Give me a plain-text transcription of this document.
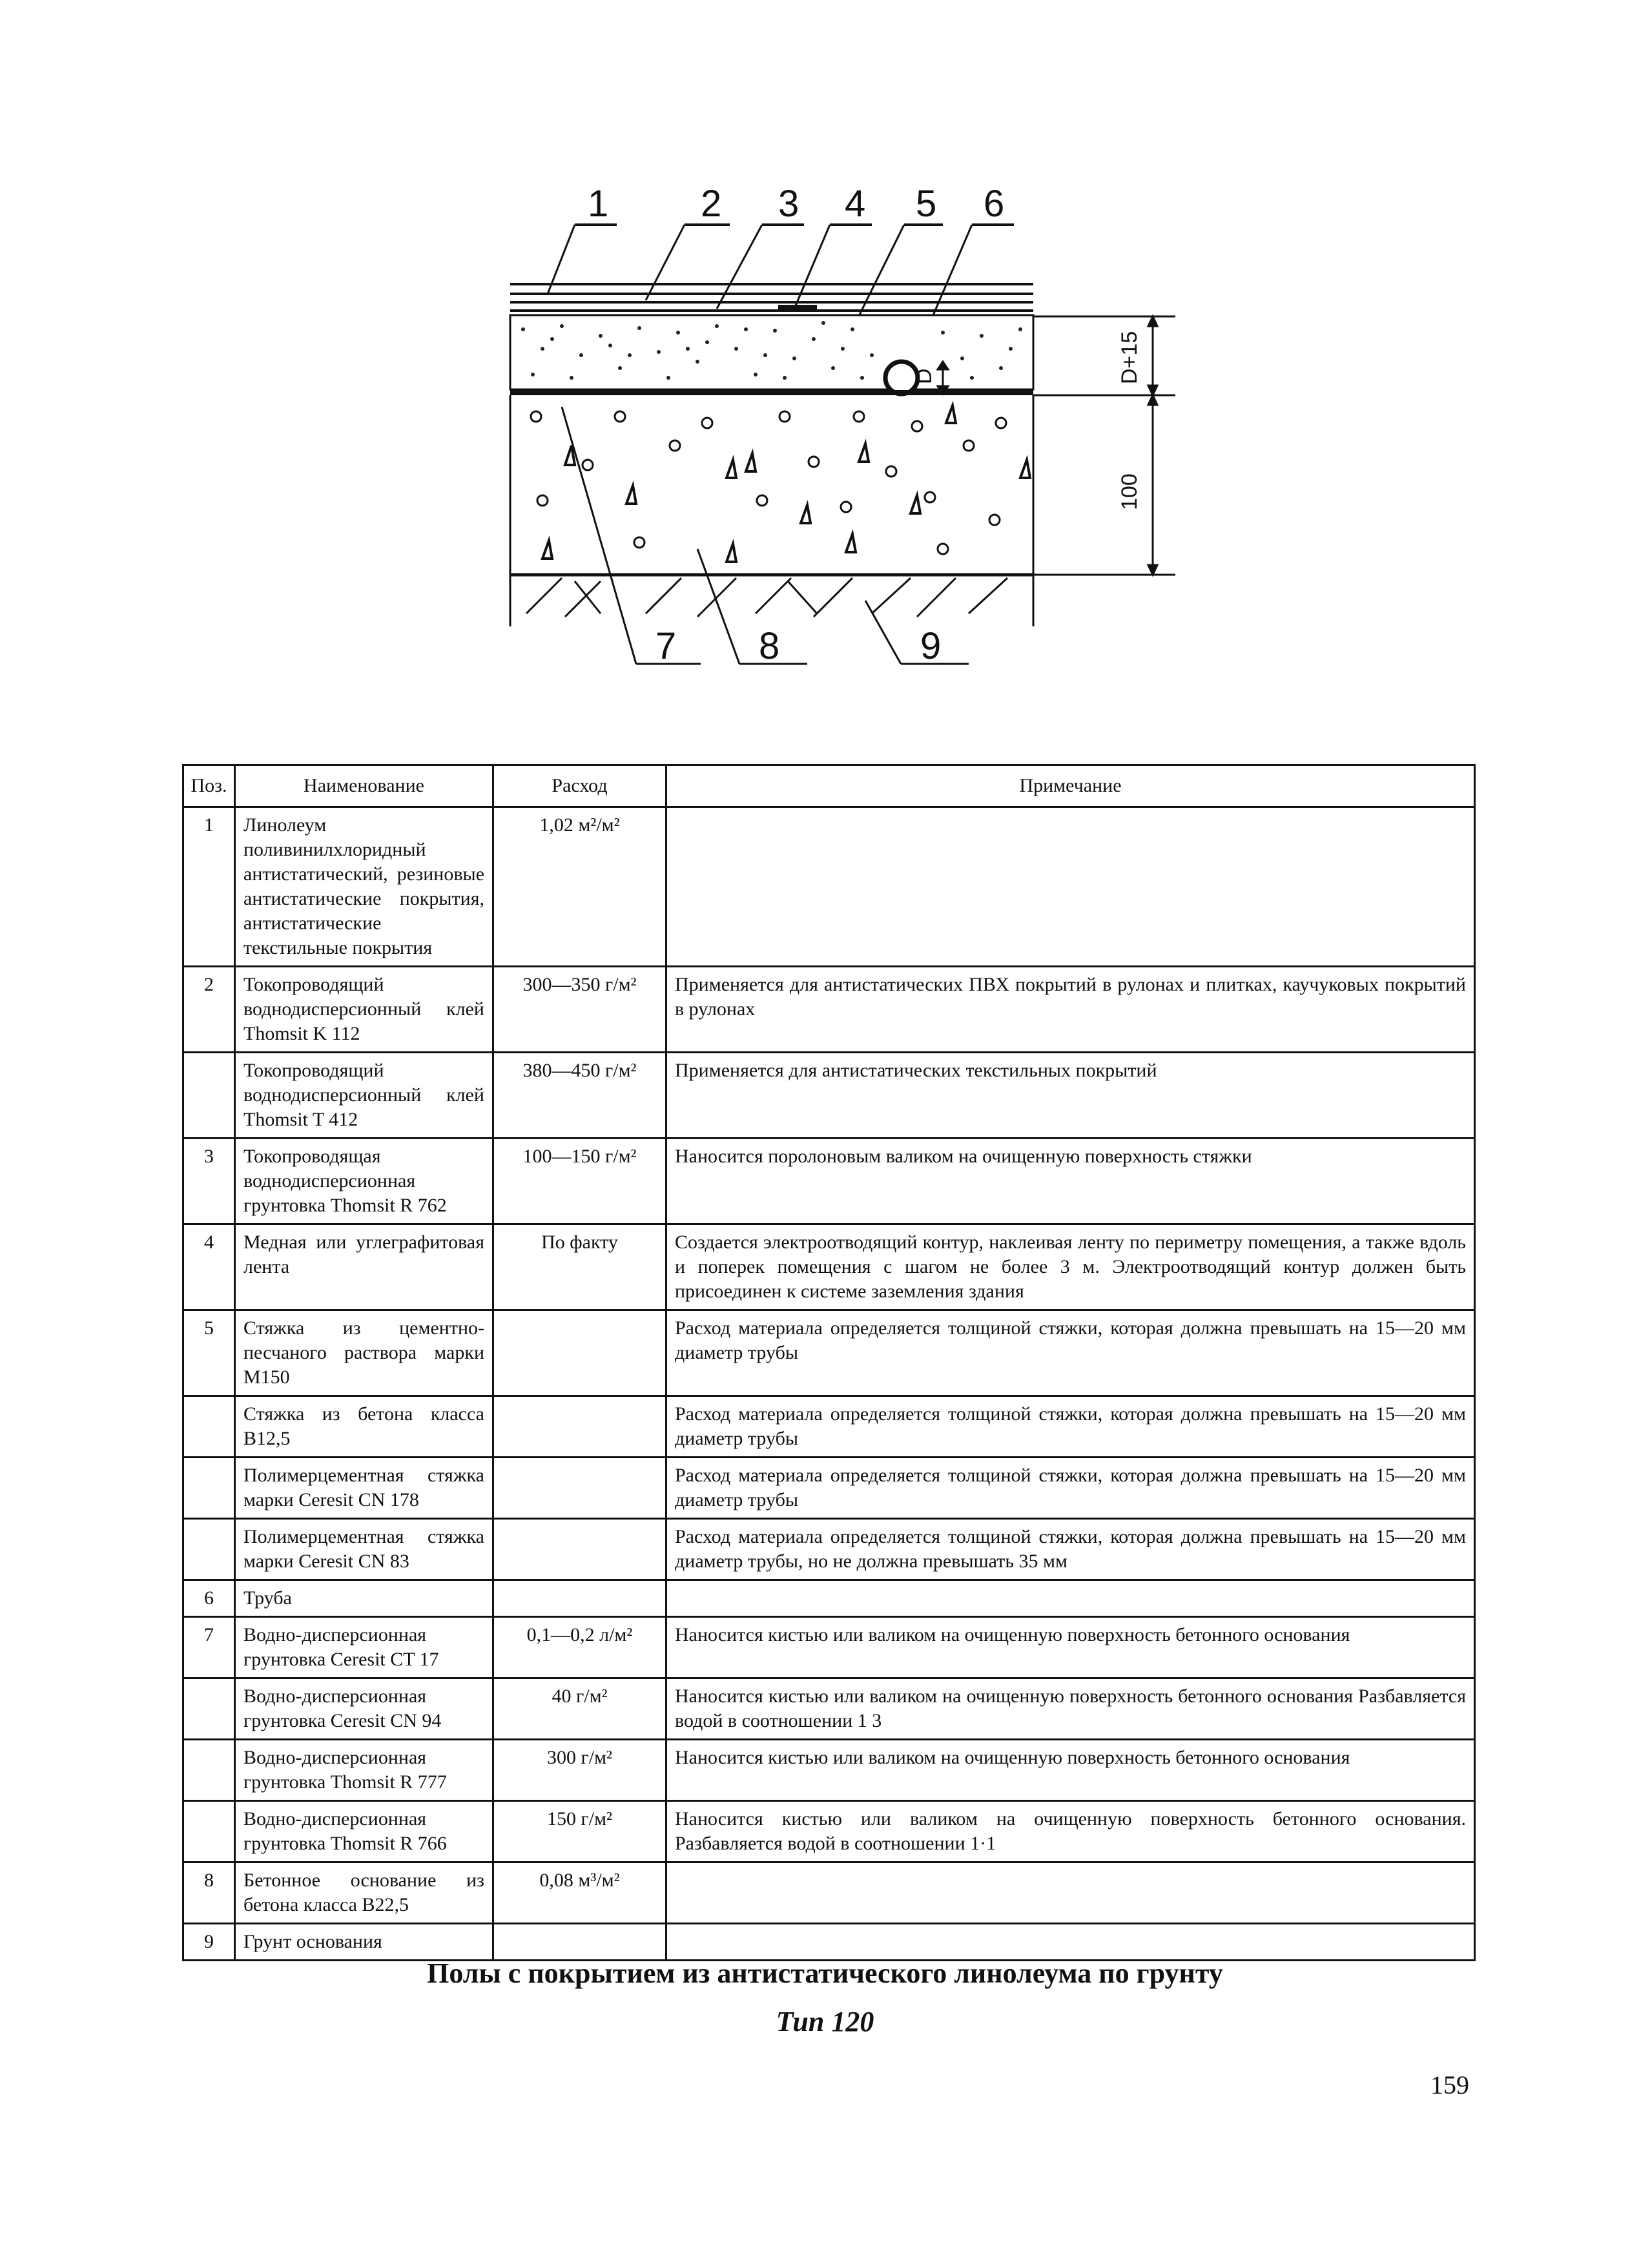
1 2 3 4 5 6
D	D+15
100
7 8	9
Поз.	Наименование	Расход	Примечание
1	Линолеум поливинилхлоридный антистатический, резиновые антистатические покрытия, антистатические текстильные покрытия	1,02 м²/м²	
2	Токопроводящий воднодисперсионный клей Thomsit K 112	300—350 г/м²	Применяется для антистатических ПВХ покрытий в рулонах и плитках, каучуковых покрытий в рулонах
	Токопроводящий воднодисперсионный клей Thomsit T 412	380—450 г/м²	Применяется для антистатических текстильных покрытий
3	Токопроводящая воднодисперсионная грунтовка Thomsit R 762	100—150 г/м²	Наносится поролоновым валиком на очищенную поверхность стяжки
4	Медная или углеграфитовая лента	По факту	Создается электроотводящий контур, наклеивая ленту по периметру помещения, а также вдоль и поперек помещения с шагом не более 3 м. Электроотводящий контур должен быть присоединен к системе заземления здания
5	Стяжка из цементно-песчаного раствора марки М150		Расход материала определяется толщиной стяжки, которая должна превышать на 15—20 мм диаметр трубы
	Стяжка из бетона класса B12,5		Расход материала определяется толщиной стяжки, которая должна превышать на 15—20 мм диаметр трубы
	Полимерцементная стяжка марки Ceresit CN 178		Расход материала определяется толщиной стяжки, которая должна превышать на 15—20 мм диаметр трубы
	Полимерцементная стяжка марки Ceresit CN 83		Расход материала определяется толщиной стяжки, которая должна превышать на 15—20 мм диаметр трубы, но не должна превышать 35 мм
6	Труба		
7	Водно-дисперсионная грунтовка Ceresit CT 17	0,1—0,2 л/м²	Наносится кистью или валиком на очищенную поверхность бетонного основания
	Водно-дисперсионная грунтовка Ceresit CN 94	40 г/м²	Наносится кистью или валиком на очищенную поверхность бетонного основания Разбавляется водой в соотношении 1 3
	Водно-дисперсионная грунтовка Thomsit R 777	300 г/м²	Наносится кистью или валиком на очищенную поверхность бетонного основания
	Водно-дисперсионная грунтовка Thomsit R 766	150 г/м²	Наносится кистью или валиком на очищенную поверхность бетонного основания. Разбавляется водой в соотношении 1·1
8	Бетонное основание из бетона класса B22,5	0,08 м³/м²	
9	Грунт основания		
Полы с покрытием из антистатического линолеума по грунту
Тип 120
159
